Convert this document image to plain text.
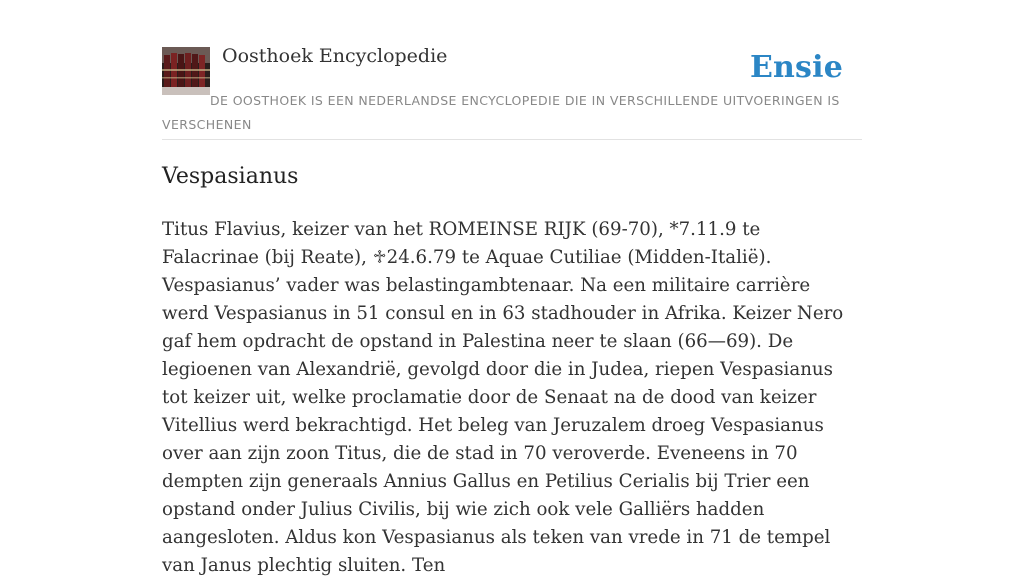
Oosthoek Encyclopedie	Ensie
DE OOSTHOEK IS EEN NEDERLANDSE ENCYCLOPEDIE DIE IN VERSCHILLENDE UITVOERINGEN IS VERSCHENEN
Vespasianus

Titus Flavius, keizer van het ROMEINSE RIJK (69-70), *7.11.9 te Falacrinae (bij Reate), ♱24.6.79 te Aquae Cutiliae (Midden-Italië). Vespasianus’ vader was belastingambtenaar. Na een militaire carrière werd Vespasianus in 51 consul en in 63 stadhouder in Afrika. Keizer Nero gaf hem opdracht de opstand in Palestina neer te slaan (66—69). De legioenen van Alexandrië, gevolgd door die in Judea, riepen Vespasianus tot keizer uit, welke proclamatie door de Senaat na de dood van keizer Vitellius werd bekrachtigd. Het beleg van Jeruzalem droeg Vespasianus over aan zijn zoon Titus, die de stad in 70 veroverde. Eveneens in 70 dempten zijn generaals Annius Gallus en Petilius Cerialis bij Trier een opstand onder Julius Civilis, bij wie zich ook vele Galliërs hadden aangesloten. Aldus kon Vespasianus als teken van vrede in 71 de tempel van Janus plechtig sluiten. Ten
